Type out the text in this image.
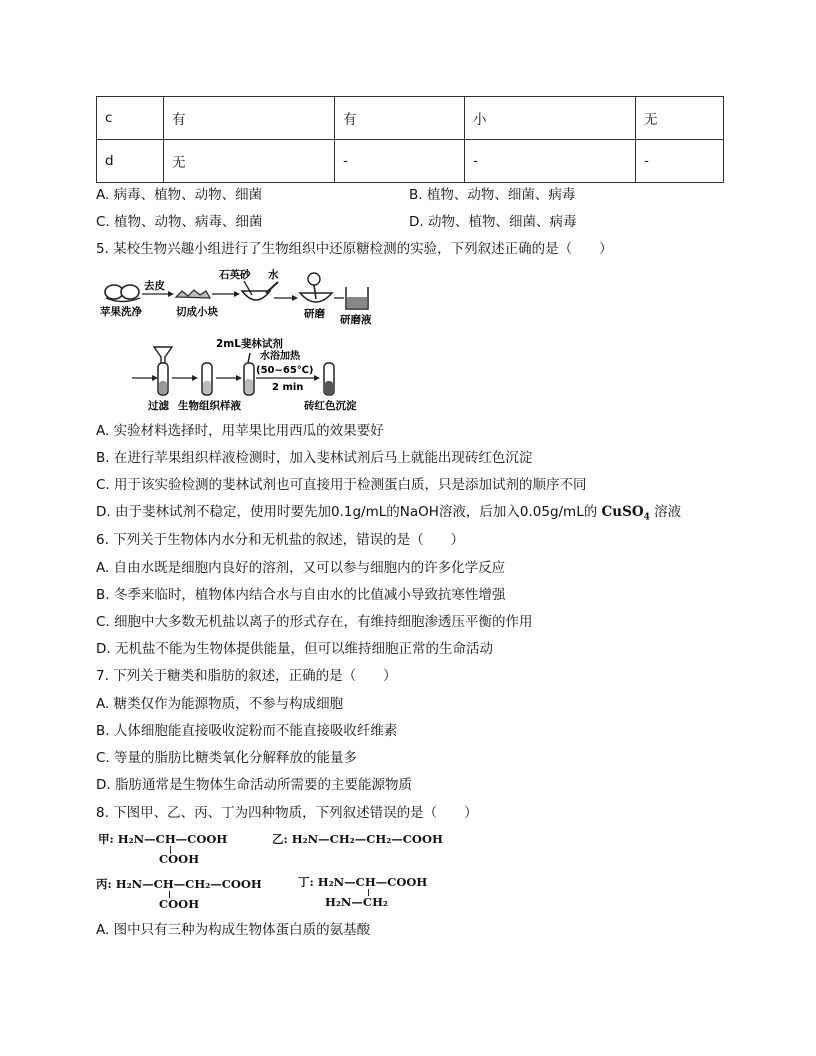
c	有	有	小	无
d	无	-	-	-
A. 病毒、植物、动物、细菌	B. 植物、动物、细菌、病毒
C. 植物、动物、病毒、细菌	D. 动物、植物、细菌、病毒
5. 某校生物兴趣小组进行了生物组织中还原糖检测的实验，下列叙述正确的是（　　）
苹果洗净
去皮
切成小块
石英砂 水
研磨 研磨液
过滤 生物组织样液
2mL斐林试剂
水浴加热
(50~65℃)
2 min
砖红色沉淀
A. 实验材料选择时，用苹果比用西瓜的效果要好
B. 在进行苹果组织样液检测时，加入斐林试剂后马上就能出现砖红色沉淀
C. 用于该实验检测的斐林试剂也可直接用于检测蛋白质，只是添加试剂的顺序不同
D. 由于斐林试剂不稳定，使用时要先加0.1g/mL的NaOH溶液，后加入0.05g/mL的 CuSO$_4$ 溶液
6. 下列关于生物体内水分和无机盐的叙述，错误的是（　　）
A. 自由水既是细胞内良好的溶剂，又可以参与细胞内的许多化学反应
B. 冬季来临时，植物体内结合水与自由水的比值减小导致抗寒性增强
C. 细胞中大多数无机盐以离子的形式存在，有维持细胞渗透压平衡的作用
D. 无机盐不能为生物体提供能量，但可以维持细胞正常的生命活动
7. 下列关于糖类和脂肪的叙述，正确的是（　　）
A. 糖类仅作为能源物质，不参与构成细胞
B. 人体细胞能直接吸收淀粉而不能直接吸收纤维素
C. 等量的脂肪比糖类氧化分解释放的能量多
D. 脂肪通常是生物体生命活动所需要的主要能源物质
8. 下图甲、乙、丙、丁为四种物质，下列叙述错误的是（　　）
甲: H₂N—CH—COOH
COOH
乙: H₂N—CH₂—CH₂—COOH
丙: H₂N—CH—CH₂—COOH
COOH
丁: H₂N—CH—COOH
H₂N—CH₂
A. 图中只有三种为构成生物体蛋白质的氨基酸
